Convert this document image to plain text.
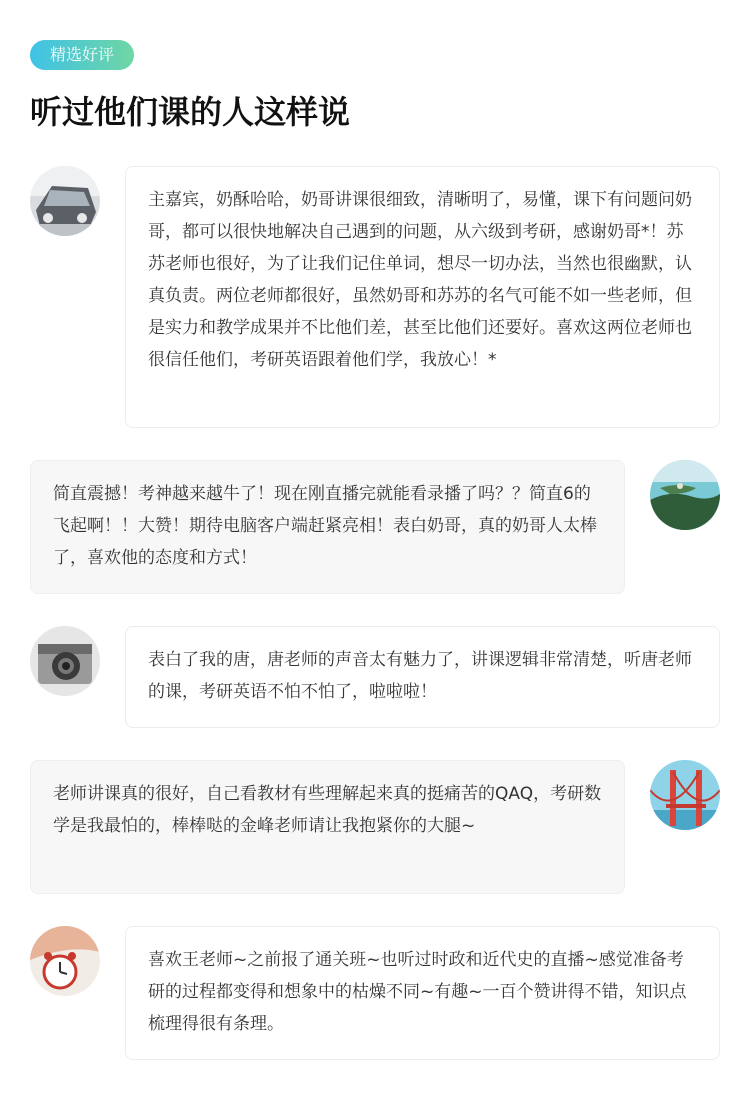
精选好评
听过他们课的人这样说

主嘉宾，奶酥哈哈，奶哥讲课很细致，清晰明了，易懂，课下有问题问奶哥，都可以很快地解决自己遇到的问题，从六级到考研，感谢奶哥*！苏苏老师也很好，为了让我们记住单词，想尽一切办法，当然也很幽默，认真负责。两位老师都很好，虽然奶哥和苏苏的名气可能不如一些老师，但是实力和教学成果并不比他们差，甚至比他们还要好。喜欢这两位老师也很信任他们，考研英语跟着他们学，我放心！*

简直震撼！考神越来越牛了！现在刚直播完就能看录播了吗？？简直6的飞起啊！！大赞！期待电脑客户端赶紧亮相！表白奶哥，真的奶哥人太棒了，喜欢他的态度和方式！

表白了我的唐，唐老师的声音太有魅力了，讲课逻辑非常清楚，听唐老师的课，考研英语不怕不怕了，啦啦啦！

老师讲课真的很好，自己看教材有些理解起来真的挺痛苦的QAQ，考研数学是我最怕的，棒棒哒的金峰老师请让我抱紧你的大腿~

喜欢王老师~之前报了通关班~也听过时政和近代史的直播~感觉准备考研的过程都变得和想象中的枯燥不同~有趣~一百个赞讲得不错，知识点梳理得很有条理。
